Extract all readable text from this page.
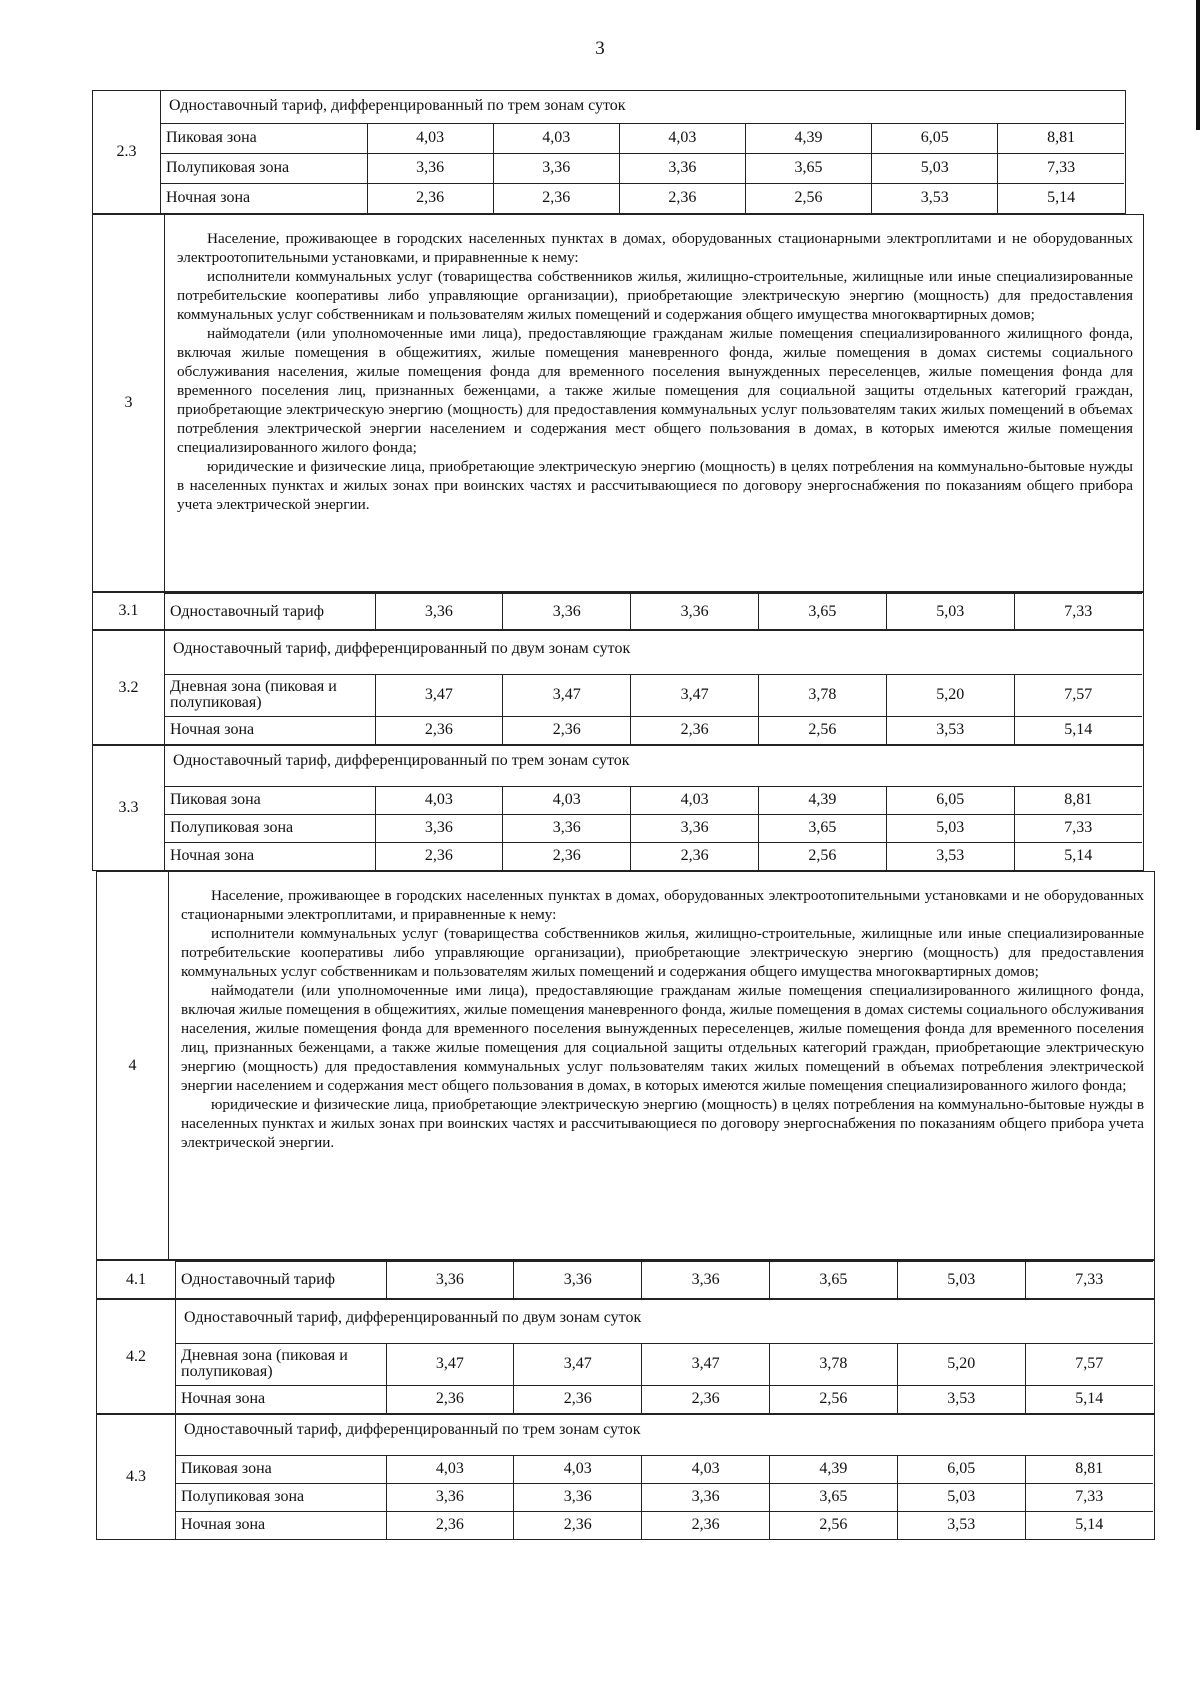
3
2.3
Одноставочный тариф, дифференцированный по трем зонам суток
Пиковая зона	4,03	4,03	4,03	4,39	6,05	8,81
Полупиковая зона	3,36	3,36	3,36	3,65	5,03	7,33
Ночная зона	2,36	2,36	2,36	2,56	3,53	5,14
3

Население, проживающее в городских населенных пунктах в домах, оборудованных стационарными электроплитами и не оборудованных электроотопительными установками, и приравненные к нему:

исполнители коммунальных услуг (товарищества собственников жилья, жилищно-строительные, жилищные или иные специализированные потребительские кооперативы либо управляющие организации), приобретающие электрическую энергию (мощность) для предоставления коммунальных услуг собственникам и пользователям жилых помещений и содержания общего имущества многоквартирных домов;

наймодатели (или уполномоченные ими лица), предоставляющие гражданам жилые помещения специализированного жилищного фонда, включая жилые помещения в общежитиях, жилые помещения маневренного фонда, жилые помещения в домах системы социального обслуживания населения, жилые помещения фонда для временного поселения вынужденных переселенцев, жилые помещения фонда для временного поселения лиц, признанных беженцами, а также жилые помещения для социальной защиты отдельных категорий граждан, приобретающие электрическую энергию (мощность) для предоставления коммунальных услуг пользователям таких жилых помещений в объемах потребления электрической энергии населением и содержания мест общего пользования в домах, в которых имеются жилые помещения специализированного жилого фонда;

юридические и физические лица, приобретающие электрическую энергию (мощность) в целях потребления на коммунально-бытовые нужды в населенных пунктах и жилых зонах при воинских частях и рассчитывающиеся по договору энергоснабжения по показаниям общего прибора учета электрической энергии.

3.1	Одноставочный тариф	3,36	3,36	3,36	3,65	5,03	7,33
3.2
Одноставочный тариф, дифференцированный по двум зонам суток
Дневная зона (пиковая и полупиковая)	3,47	3,47	3,47	3,78	5,20	7,57
Ночная зона	2,36	2,36	2,36	2,56	3,53	5,14
3.3
Одноставочный тариф, дифференцированный по трем зонам суток
Пиковая зона	4,03	4,03	4,03	4,39	6,05	8,81
Полупиковая зона	3,36	3,36	3,36	3,65	5,03	7,33
Ночная зона	2,36	2,36	2,36	2,56	3,53	5,14
4

Население, проживающее в городских населенных пунктах в домах, оборудованных электроотопительными установками и не оборудованных стационарными электроплитами, и приравненные к нему:

исполнители коммунальных услуг (товарищества собственников жилья, жилищно-строительные, жилищные или иные специализированные потребительские кооперативы либо управляющие организации), приобретающие электрическую энергию (мощность) для предоставления коммунальных услуг собственникам и пользователям жилых помещений и содержания общего имущества многоквартирных домов;

наймодатели (или уполномоченные ими лица), предоставляющие гражданам жилые помещения специализированного жилищного фонда, включая жилые помещения в общежитиях, жилые помещения маневренного фонда, жилые помещения в домах системы социального обслуживания населения, жилые помещения фонда для временного поселения вынужденных переселенцев, жилые помещения фонда для временного поселения лиц, признанных беженцами, а также жилые помещения для социальной защиты отдельных категорий граждан, приобретающие электрическую энергию (мощность) для предоставления коммунальных услуг пользователям таких жилых помещений в объемах потребления электрической энергии населением и содержания мест общего пользования в домах, в которых имеются жилые помещения специализированного жилого фонда;

юридические и физические лица, приобретающие электрическую энергию (мощность) в целях потребления на коммунально-бытовые нужды в населенных пунктах и жилых зонах при воинских частях и рассчитывающиеся по договору энергоснабжения по показаниям общего прибора учета электрической энергии.

4.1	Одноставочный тариф	3,36	3,36	3,36	3,65	5,03	7,33
4.2
Одноставочный тариф, дифференцированный по двум зонам суток
Дневная зона (пиковая и полупиковая)	3,47	3,47	3,47	3,78	5,20	7,57
Ночная зона	2,36	2,36	2,36	2,56	3,53	5,14
4.3
Одноставочный тариф, дифференцированный по трем зонам суток
Пиковая зона	4,03	4,03	4,03	4,39	6,05	8,81
Полупиковая зона	3,36	3,36	3,36	3,65	5,03	7,33
Ночная зона	2,36	2,36	2,36	2,56	3,53	5,14
